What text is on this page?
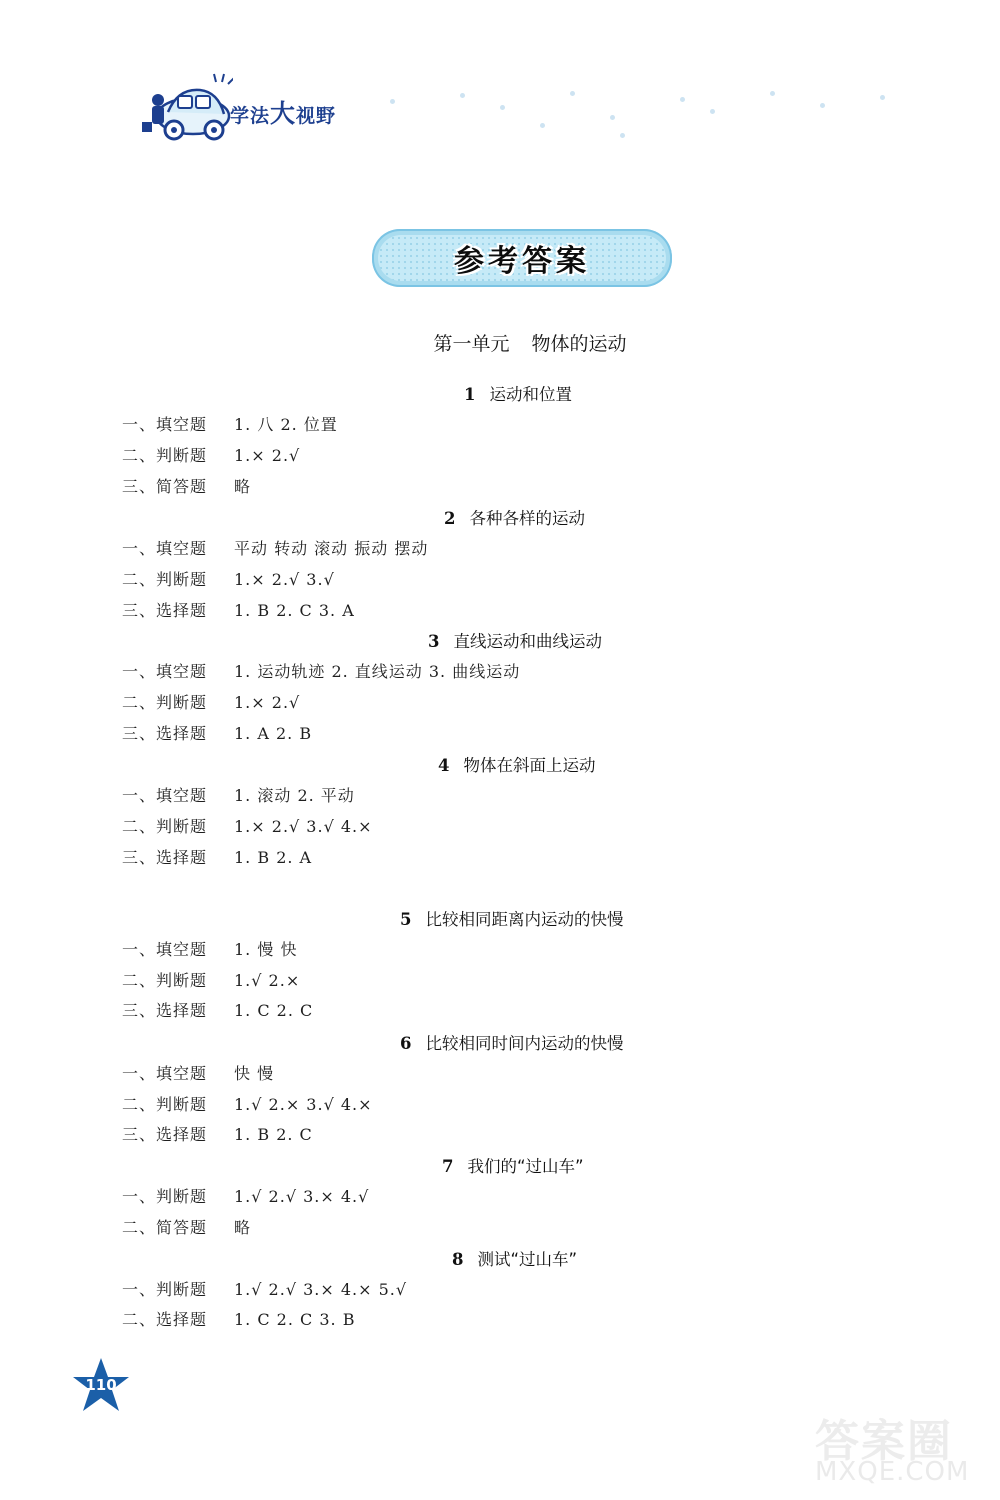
学法大视野
参考答案
第一单元 物体的运动
1 运动和位置
一、填空题 1. 八 2. 位置
二、判断题 1.× 2.√
三、简答题 略
2 各种各样的运动
一、填空题 平动 转动 滚动 振动 摆动
二、判断题 1.× 2.√ 3.√
三、选择题 1. B 2. C 3. A
3 直线运动和曲线运动
一、填空题 1. 运动轨迹 2. 直线运动 3. 曲线运动
二、判断题 1.× 2.√
三、选择题 1. A 2. B
4 物体在斜面上运动
一、填空题 1. 滚动 2. 平动
二、判断题 1.× 2.√ 3.√ 4.×
三、选择题 1. B 2. A
5 比较相同距离内运动的快慢
一、填空题 1. 慢 快
二、判断题 1.√ 2.×
三、选择题 1. C 2. C
6 比较相同时间内运动的快慢
一、填空题 快 慢
二、判断题 1.√ 2.× 3.√ 4.×
三、选择题 1. B 2. C
7 我们的“过山车”
一、判断题 1.√ 2.√ 3.× 4.√
二、简答题 略
8 测试“过山车”
一、判断题 1.√ 2.√ 3.× 4.× 5.√
二、选择题 1. C 2. C 3. B
110
答案圈
MXQE.COM
